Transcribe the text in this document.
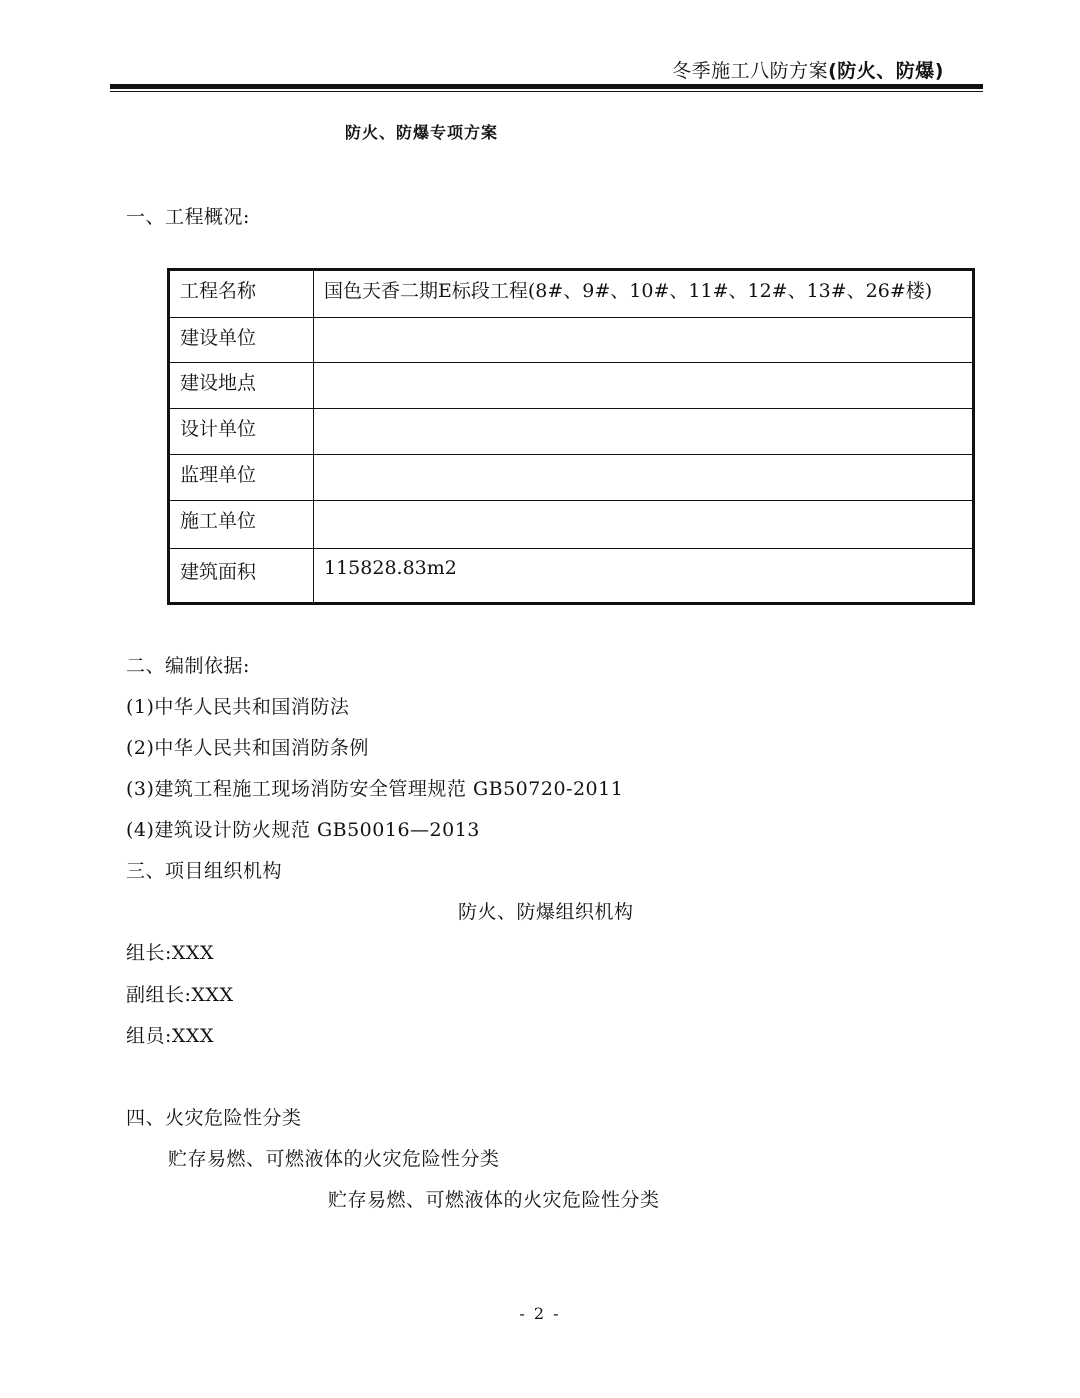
冬季施工八防方案(防火、防爆)
防火、防爆专项方案
一、工程概况:
工程名称	国色天香二期E标段工程(8#、9#、10#、11#、12#、13#、26#楼)
建设单位	
建设地点	
设计单位	
监理单位	
施工单位	
建筑面积	115828.83m2
二、编制依据:
(1)中华人民共和国消防法
(2)中华人民共和国消防条例
(3)建筑工程施工现场消防安全管理规范 GB50720-2011
(4)建筑设计防火规范 GB50016—2013
三、项目组织机构
防火、防爆组织机构
组长:XXX
副组长:XXX
组员:XXX
四、火灾危险性分类
贮存易燃、可燃液体的火灾危险性分类
贮存易燃、可燃液体的火灾危险性分类
- 2 -
